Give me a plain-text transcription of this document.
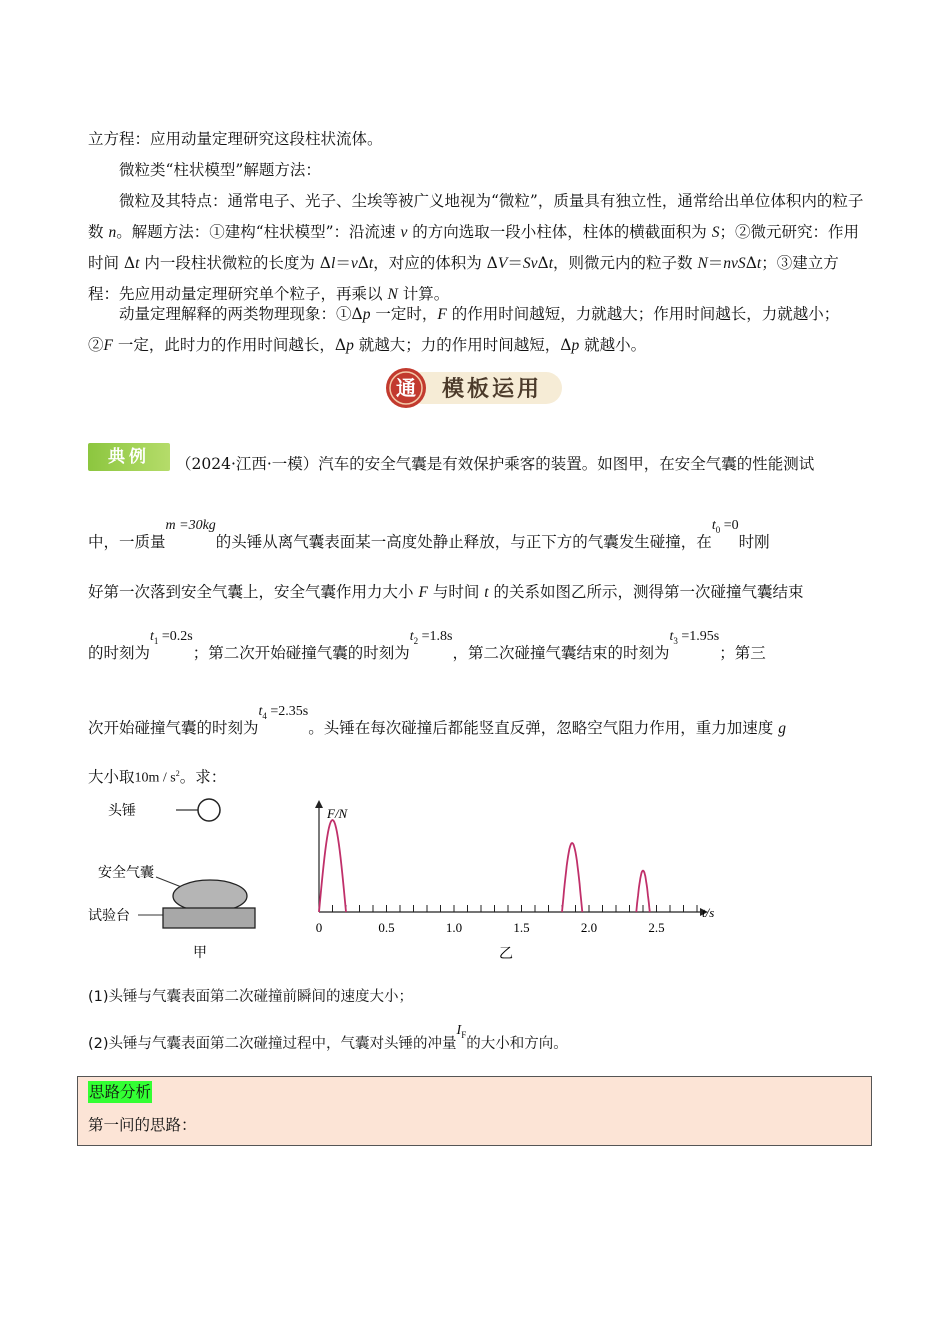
立方程：应用动量定理研究这段柱状流体。
微粒类“柱状模型”解题方法：
微粒及其特点：通常电子、光子、尘埃等被广义地视为“微粒”，质量具有独立性，通常给出单位体积内的粒子数 n。解题方法：①建构“柱状模型”：沿流速 v 的方向选取一段小柱体，柱体的横截面积为 S；②微元研究：作用时间 Δt 内一段柱状微粒的长度为 Δl＝vΔt，对应的体积为 ΔV＝SvΔt，则微元内的粒子数 N＝nvSΔt；③建立方程：先应用动量定理研究单个粒子，再乘以 N 计算。
动量定理解释的两类物理现象：①Δp 一定时，F 的作用时间越短，力就越大；作用时间越长，力就越小；②F 一定，此时力的作用时间越长，Δp 就越大；力的作用时间越短，Δp 就越小。
通 模板运用
典例	（2024·江西·一模）汽车的安全气囊是有效保护乘客的装置。如图甲，在安全气囊的性能测试
中，一质量m =30kg的头锤从离气囊表面某一高度处静止释放，与正下方的气囊发生碰撞，在$t_0 =0$时刚
好第一次落到安全气囊上，安全气囊作用力大小 F 与时间 t 的关系如图乙所示，测得第一次碰撞气囊结束
的时刻为$t_1 =0.2s$；第二次开始碰撞气囊的时刻为$t_2 =1.8s$，第二次碰撞气囊结束的时刻为$t_3 =1.95s$；第三
次开始碰撞气囊的时刻为$t_4 =2.35s$。头锤在每次碰撞后都能竖直反弹，忽略空气阻力作用，重力加速度 g
大小取$10m / s^2$。求：
头锤
安全气囊
试验台
甲
0	0.5	1.0	1.5	2.0	2.5
F/N
t/s
乙
(1)头锤与气囊表面第二次碰撞前瞬间的速度大小；
(2)头锤与气囊表面第二次碰撞过程中，气囊对头锤的冲量$I_F$的大小和方向。
思路分析
第一问的思路：
